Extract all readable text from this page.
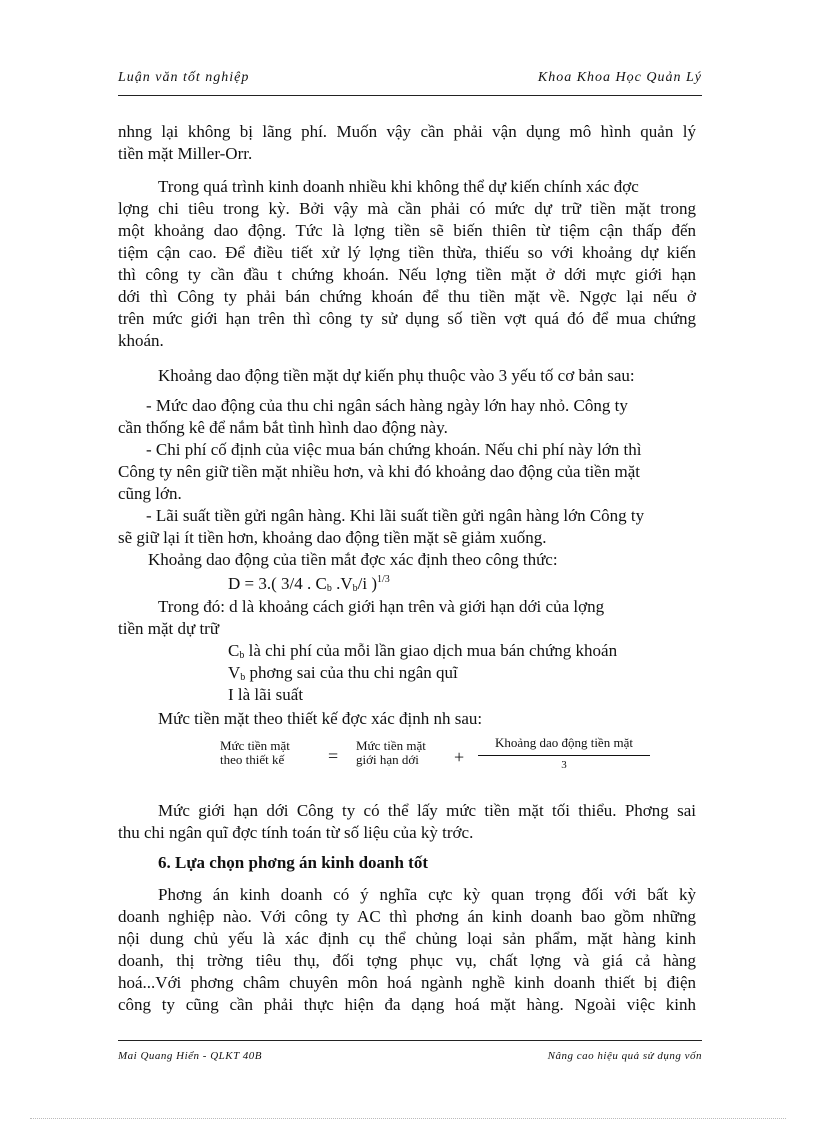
Luận văn tốt nghiệp	Khoa Khoa Học Quản Lý
nhng lại không bị lãng phí. Muốn vậy cần phải vận dụng mô hình quản lý
tiền mặt Miller-Orr.
Trong quá trình kinh doanh nhiều khi không thể dự kiến chính xác đợc
lợng chi tiêu trong kỳ. Bởi vậy mà cần phải có mức dự trữ tiền mặt trong
một khoảng dao động. Tức là lợng tiền sẽ biến thiên từ tiệm cận thấp đến
tiệm cận cao. Để điều tiết xử lý lợng tiền thừa, thiếu so với khoảng dự kiến
thì công ty cần đầu t chứng khoán. Nếu lợng tiền mặt ở dới mực giới hạn
dới thì Công ty phải bán chứng khoán để thu tiền mặt về. Ngợc lại nếu ở
trên mức giới hạn trên thì công ty sử dụng số tiền vợt quá đó để mua chứng
khoán.
Khoảng dao động tiền mặt dự kiến phụ thuộc vào 3 yếu tố cơ bản sau:
- Mức dao động của thu chi ngân sách hàng ngày lớn hay nhỏ. Công ty
cần thống kê để nắm bắt tình hình dao động này.
- Chi phí cố định của việc mua bán chứng khoán. Nếu chi phí này lớn thì
Công ty nên giữ tiền mặt nhiều hơn, và khi đó khoảng dao động của tiền mặt
cũng lớn.
- Lãi suất tiền gửi ngân hàng. Khi lãi suất tiền gửi ngân hàng lớn Công ty
sẽ giữ lại ít tiền hơn, khoảng dao động tiền mặt sẽ giảm xuống.
Khoảng dao động của tiền mắt đợc xác định theo công thức:
D = 3.( 3/4 . $C_b$ $.V_b/i$ )$^{1/3}$
Trong đó: d là khoảng cách giới hạn trên và giới hạn dới của lợng
tiền mặt dự trữ
$C_b$ là chi phí của mỗi lần giao dịch mua bán chứng khoán
$V_b$ phơng sai của thu chi ngân quĩ
I là lãi suất
Mức tiền mặt theo thiết kế đợc xác định nh sau:
Mức tiền mặt
theo thiết kế	=
Mức tiền mặt
giới hạn dới	+
Khoảng dao động tiền mặt
3
Mức giới hạn dới Công ty có thể lấy mức tiền mặt tối thiểu. Phơng sai
thu chi ngân quĩ đợc tính toán từ số liệu của kỳ trớc.
6. Lựa chọn phơng án kinh doanh tốt
Phơng án kinh doanh có ý nghĩa cực kỳ quan trọng đối với bất kỳ
doanh nghiệp nào. Với công ty AC thì phơng án kinh doanh bao gồm những
nội dung chủ yếu là xác định cụ thể chủng loại sản phẩm, mặt hàng kinh
doanh, thị trờng tiêu thụ, đối tợng phục vụ, chất lợng và giá cả hàng
hoá...Với phơng châm chuyên môn hoá ngành nghề kinh doanh thiết bị điện
công ty cũng cần phải thực hiện đa dạng hoá mặt hàng. Ngoài việc kinh
Mai Quang Hiển - QLKT 40B	Nâng cao hiệu quả sử dụng vốn
